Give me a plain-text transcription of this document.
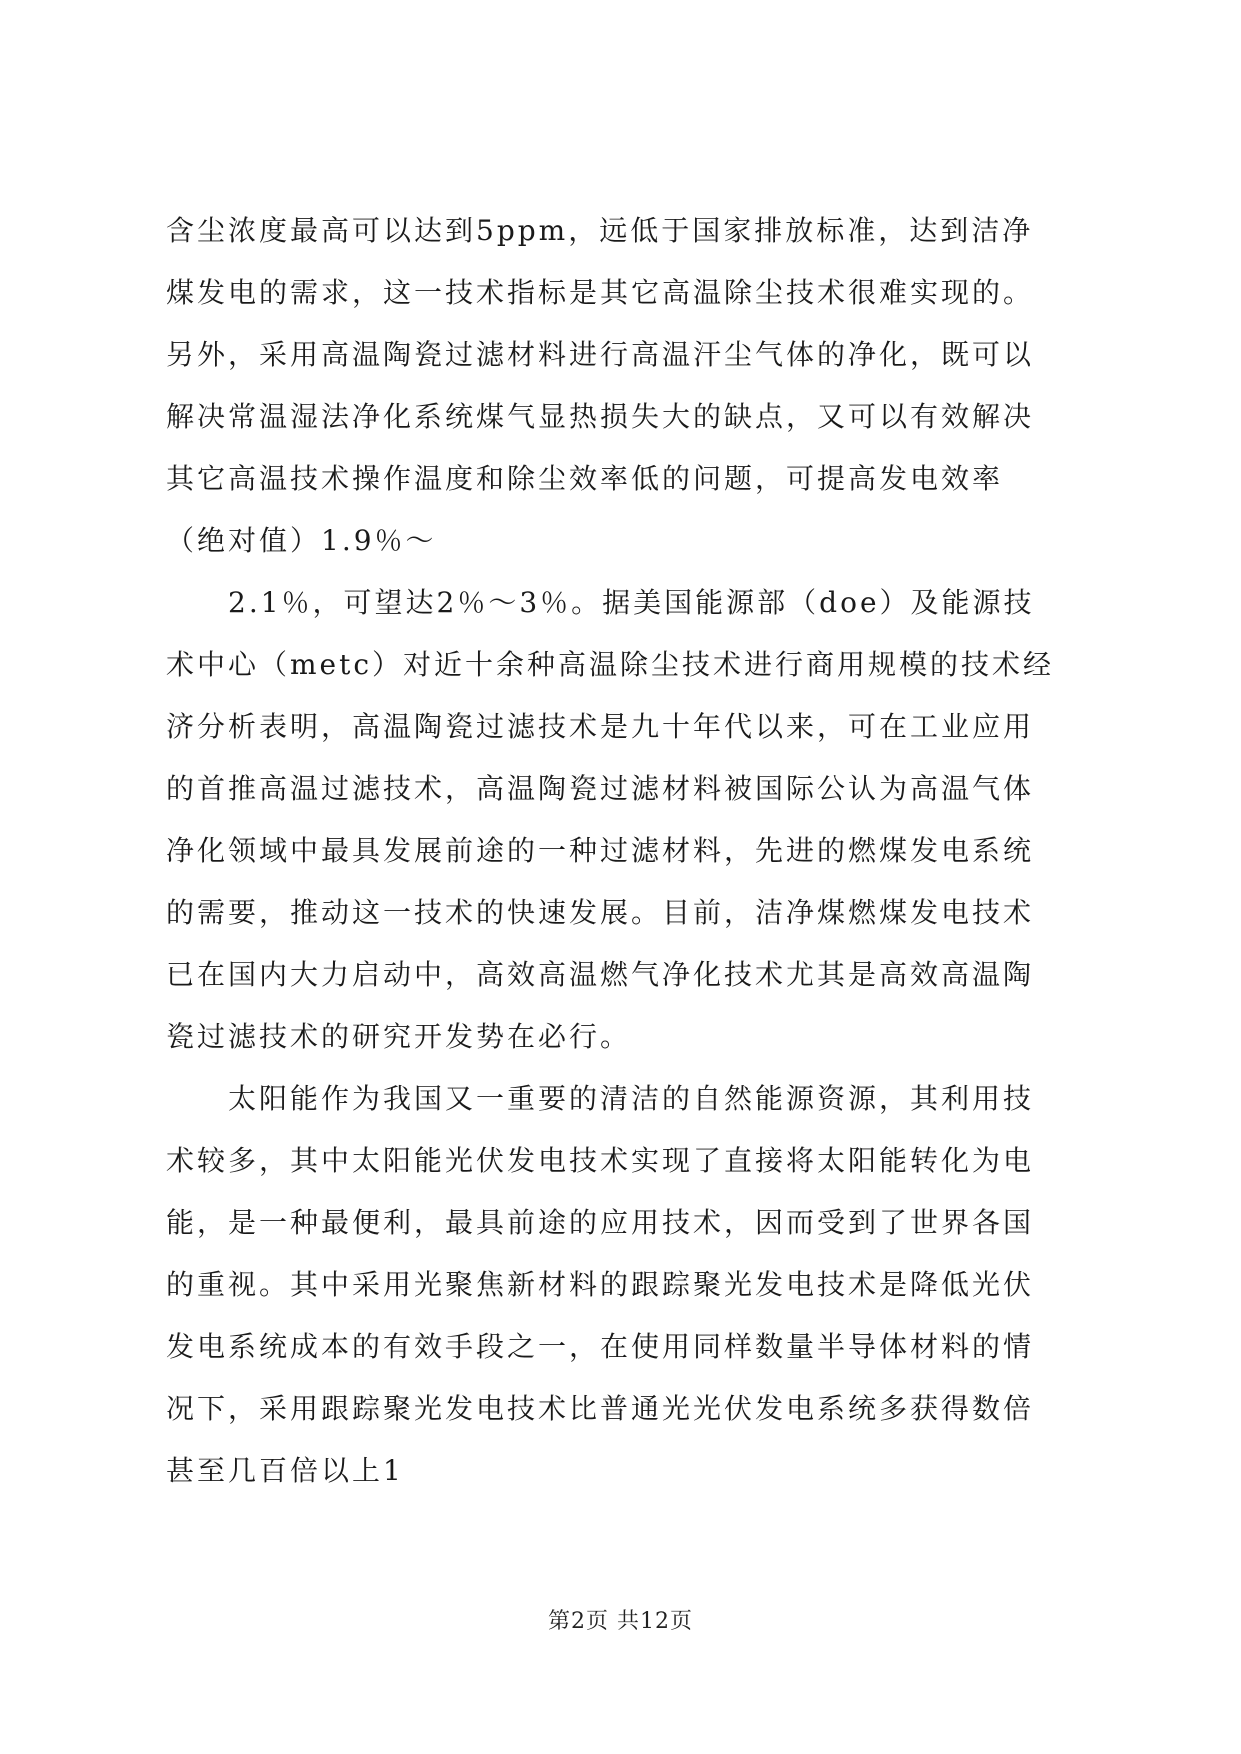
含尘浓度最高可以达到5ppm，远低于国家排放标准，达到洁净
煤发电的需求，这一技术指标是其它高温除尘技术很难实现的。
另外，采用高温陶瓷过滤材料进行高温汗尘气体的净化，既可以
解决常温湿法净化系统煤气显热损失大的缺点，又可以有效解决
其它高温技术操作温度和除尘效率低的问题，可提高发电效率
（绝对值）1.9％～
2.1％，可望达2％～3％。据美国能源部（doe）及能源技
术中心（metc）对近十余种高温除尘技术进行商用规模的技术经
济分析表明，高温陶瓷过滤技术是九十年代以来，可在工业应用
的首推高温过滤技术，高温陶瓷过滤材料被国际公认为高温气体
净化领域中最具发展前途的一种过滤材料，先进的燃煤发电系统
的需要，推动这一技术的快速发展。目前，洁净煤燃煤发电技术
已在国内大力启动中，高效高温燃气净化技术尤其是高效高温陶
瓷过滤技术的研究开发势在必行。
太阳能作为我国又一重要的清洁的自然能源资源，其利用技
术较多，其中太阳能光伏发电技术实现了直接将太阳能转化为电
能，是一种最便利，最具前途的应用技术，因而受到了世界各国
的重视。其中采用光聚焦新材料的跟踪聚光发电技术是降低光伏
发电系统成本的有效手段之一，在使用同样数量半导体材料的情
况下，采用跟踪聚光发电技术比普通光光伏发电系统多获得数倍
甚至几百倍以上1
第2页 共12页
